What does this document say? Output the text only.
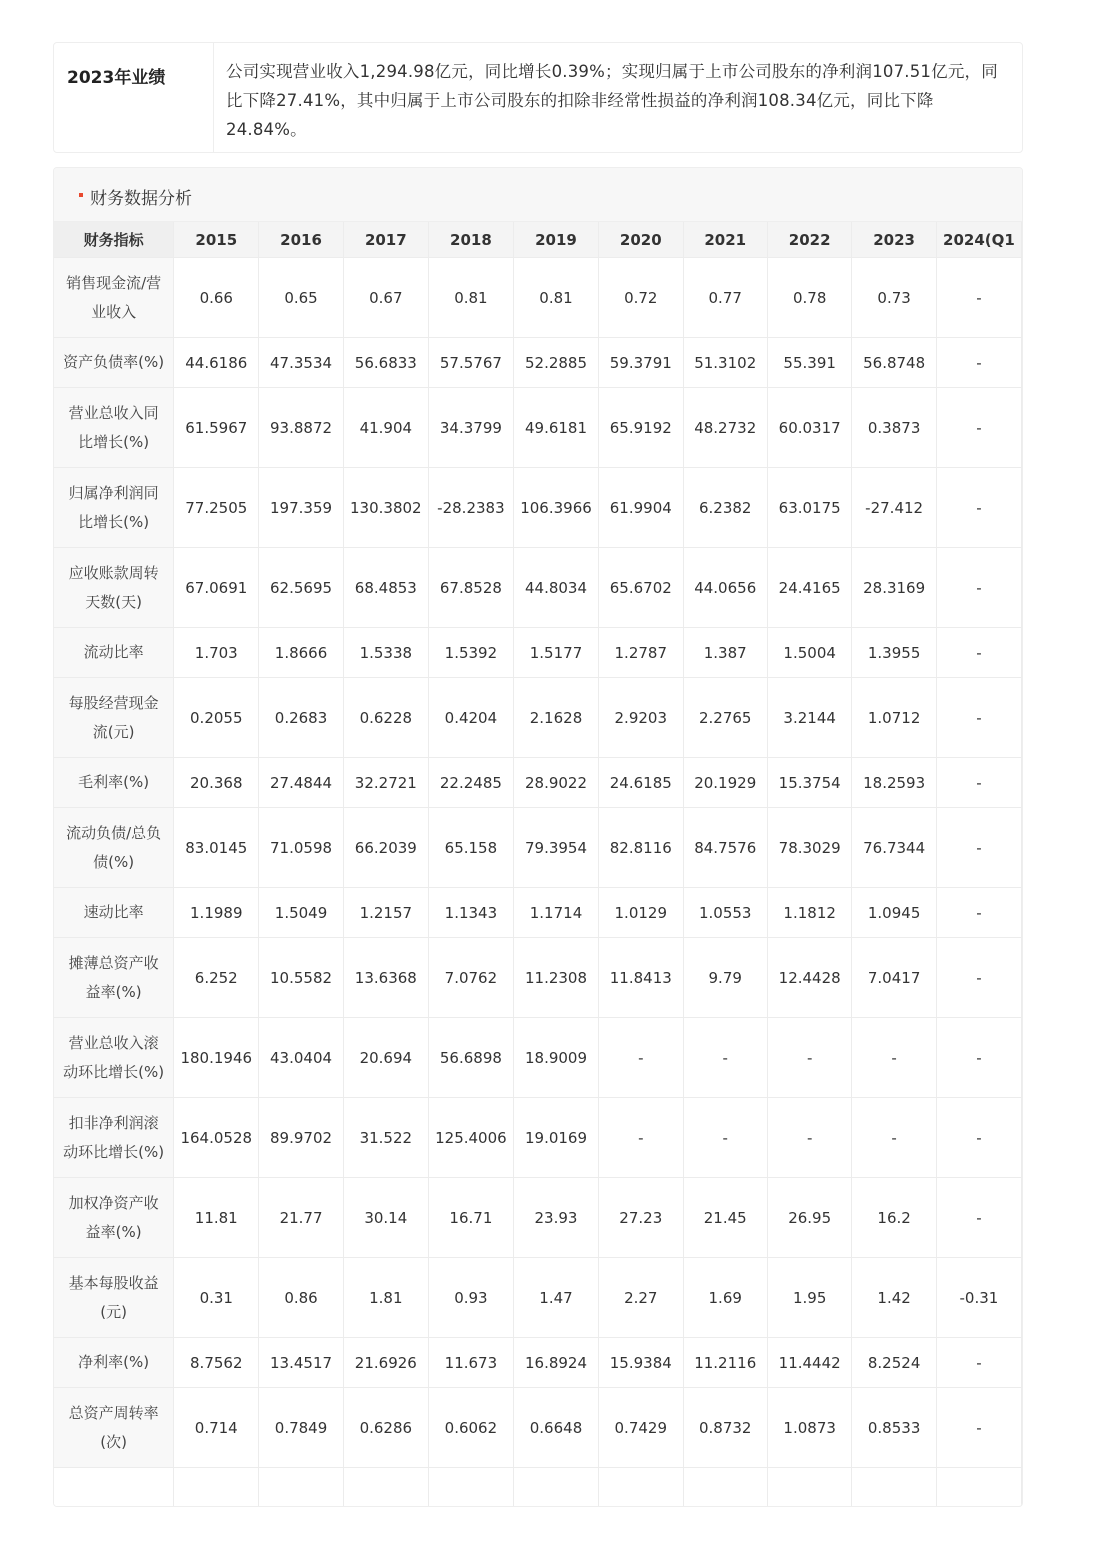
2023年业绩	公司实现营业收入1,294.98亿元，同比增长0.39%；实现归属于上市公司股东的净利润107.51亿元，同比下降27.41%，其中归属于上市公司股东的扣除非经常性损益的净利润108.34亿元，同比下降24.84%。
财务数据分析
财务指标	2015	2016	2017	2018	2019	2020	2021	2022	2023	2024(Q1
销售现金流/营业收入	0.66	0.65	0.67	0.81	0.81	0.72	0.77	0.78	0.73	-
资产负债率(%)	44.6186	47.3534	56.6833	57.5767	52.2885	59.3791	51.3102	55.391	56.8748	-
营业总收入同比增长(%)	61.5967	93.8872	41.904	34.3799	49.6181	65.9192	48.2732	60.0317	0.3873	-
归属净利润同比增长(%)	77.2505	197.359	130.3802	-28.2383	106.3966	61.9904	6.2382	63.0175	-27.412	-
应收账款周转天数(天)	67.0691	62.5695	68.4853	67.8528	44.8034	65.6702	44.0656	24.4165	28.3169	-
流动比率	1.703	1.8666	1.5338	1.5392	1.5177	1.2787	1.387	1.5004	1.3955	-
每股经营现金流(元)	0.2055	0.2683	0.6228	0.4204	2.1628	2.9203	2.2765	3.2144	1.0712	-
毛利率(%)	20.368	27.4844	32.2721	22.2485	28.9022	24.6185	20.1929	15.3754	18.2593	-
流动负债/总负债(%)	83.0145	71.0598	66.2039	65.158	79.3954	82.8116	84.7576	78.3029	76.7344	-
速动比率	1.1989	1.5049	1.2157	1.1343	1.1714	1.0129	1.0553	1.1812	1.0945	-
摊薄总资产收益率(%)	6.252	10.5582	13.6368	7.0762	11.2308	11.8413	9.79	12.4428	7.0417	-
营业总收入滚动环比增长(%)	180.1946	43.0404	20.694	56.6898	18.9009	-	-	-	-	-
扣非净利润滚动环比增长(%)	164.0528	89.9702	31.522	125.4006	19.0169	-	-	-	-	-
加权净资产收益率(%)	11.81	21.77	30.14	16.71	23.93	27.23	21.45	26.95	16.2	-
基本每股收益(元)	0.31	0.86	1.81	0.93	1.47	2.27	1.69	1.95	1.42	-0.31
净利率(%)	8.7562	13.4517	21.6926	11.673	16.8924	15.9384	11.2116	11.4442	8.2524	-
总资产周转率(次)	0.714	0.7849	0.6286	0.6062	0.6648	0.7429	0.8732	1.0873	0.8533	-
